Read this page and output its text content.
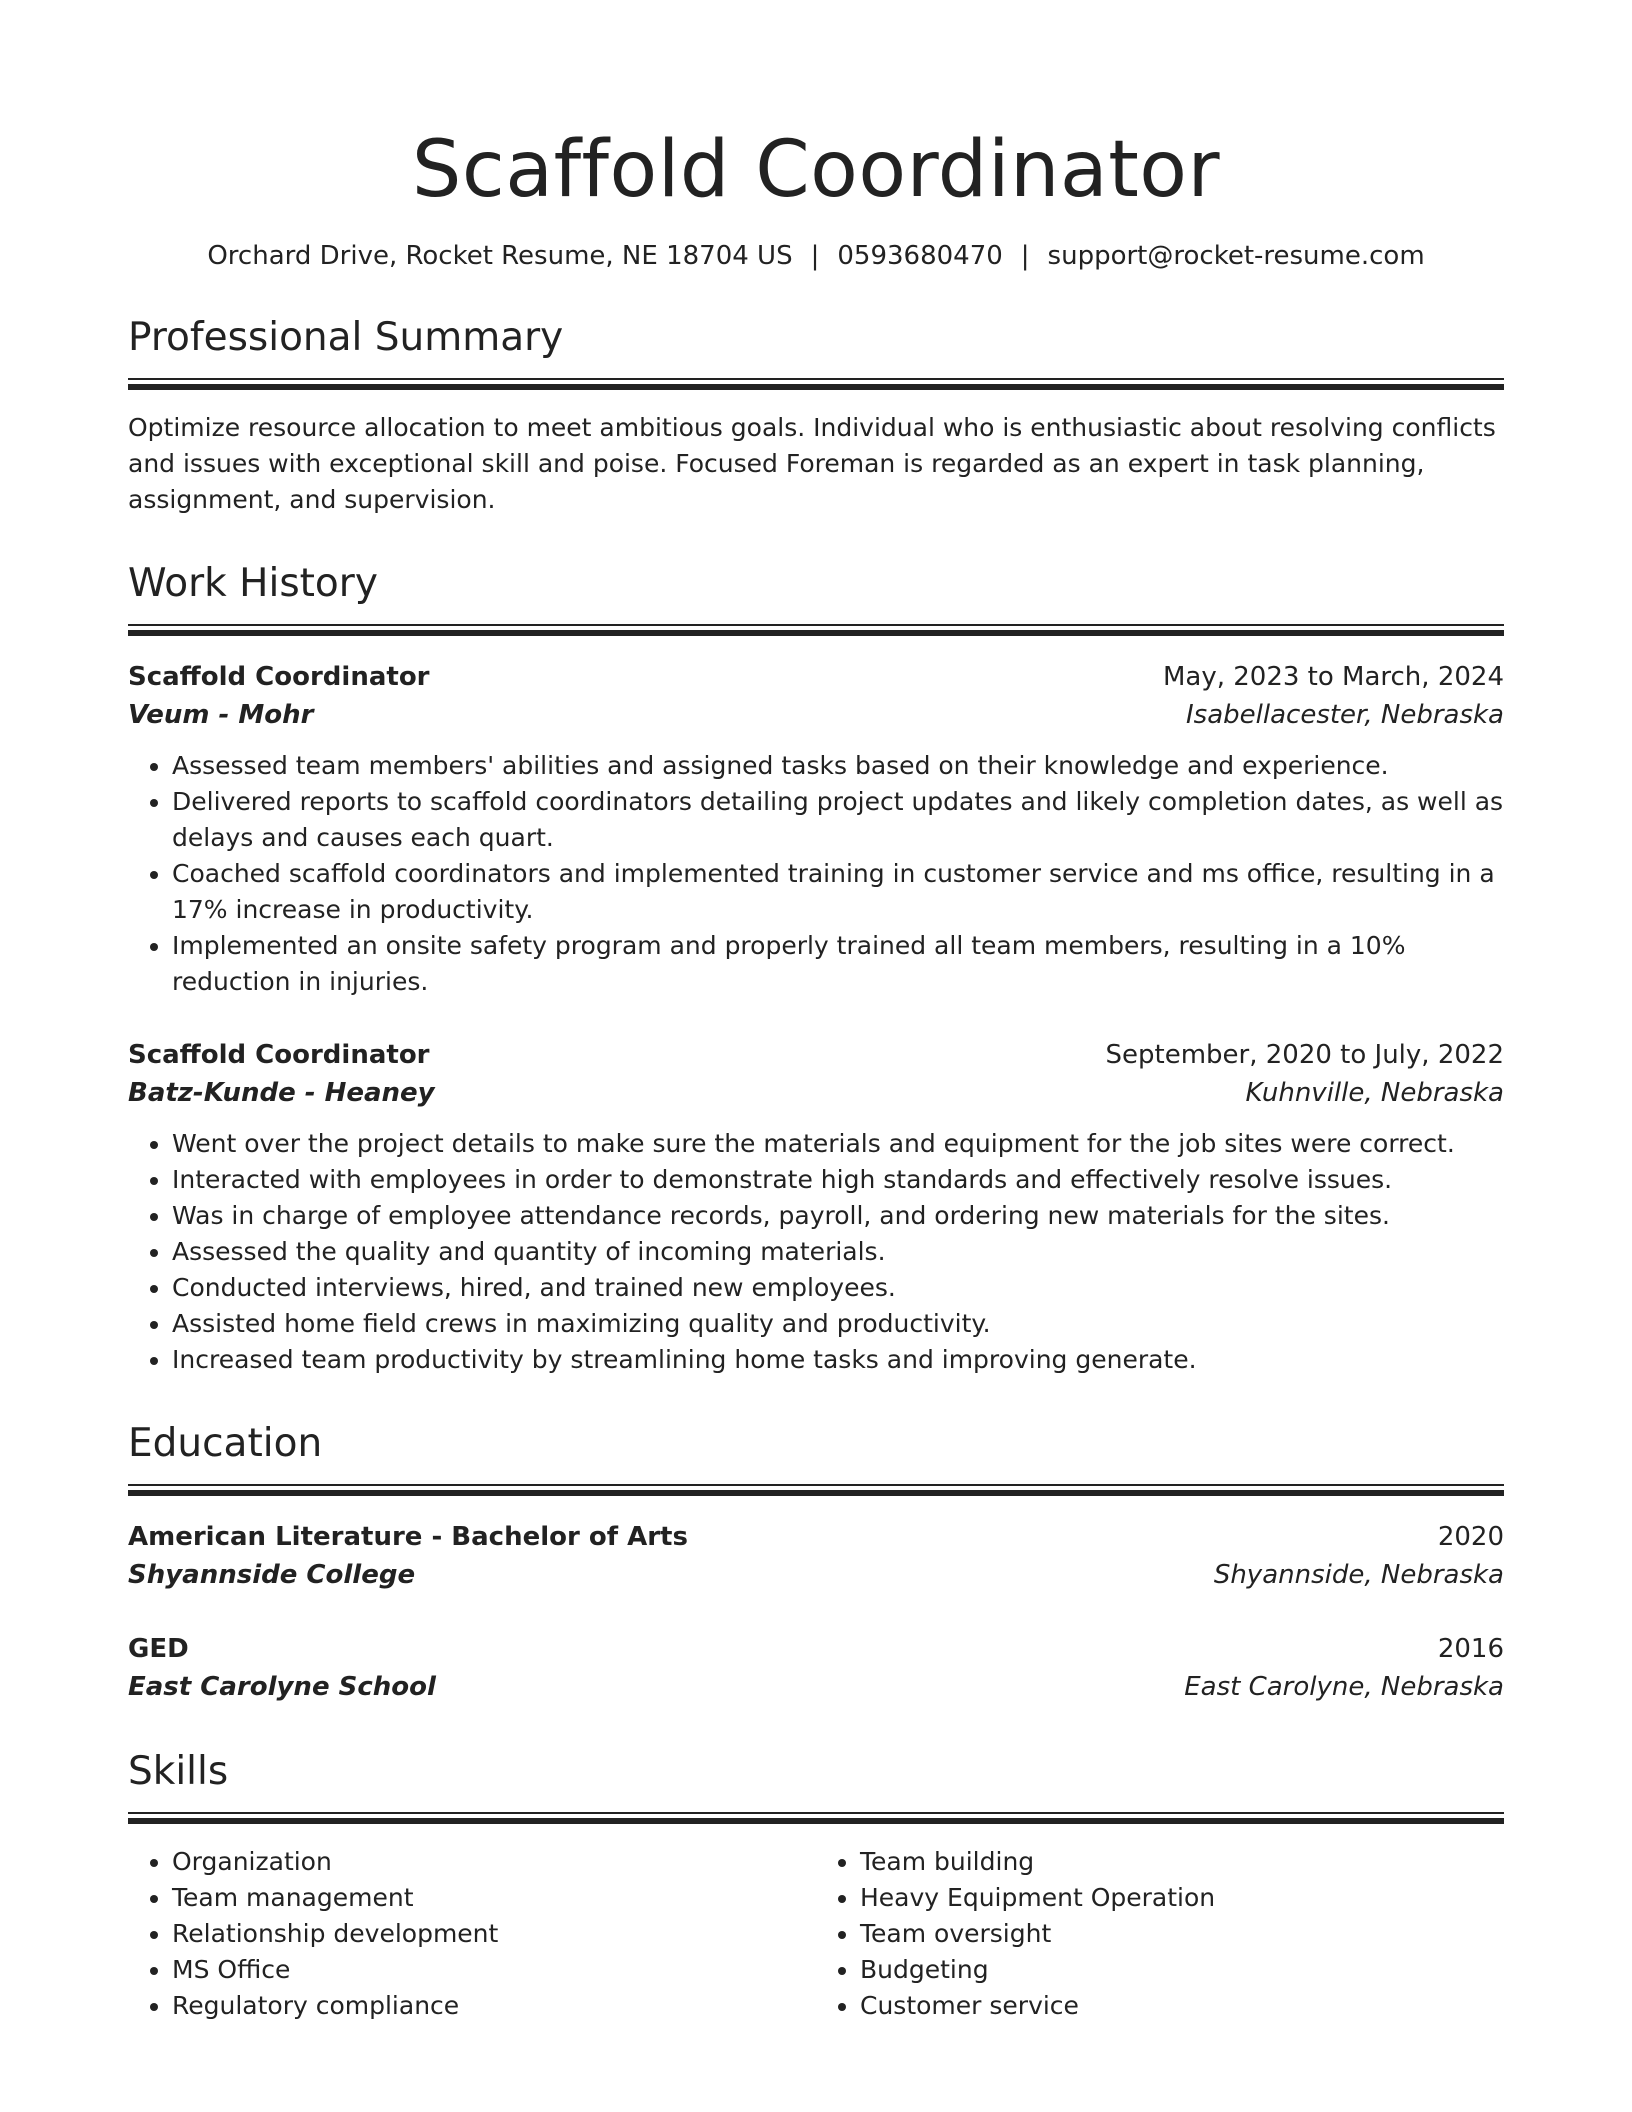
Scaffold Coordinator
Orchard Drive, Rocket Resume, NE 18704 US | 0593680470 | support@rocket-resume.com
Professional Summary
Optimize resource allocation to meet ambitious goals. Individual who is enthusiastic about resolving conflicts and issues with exceptional skill and poise. Focused Foreman is regarded as an expert in task planning, assignment, and supervision.
Work History
Scaffold Coordinator	May, 2023 to March, 2024
Veum - Mohr	Isabellacester, Nebraska
• Assessed team members' abilities and assigned tasks based on their knowledge and experience.
• Delivered reports to scaffold coordinators detailing project updates and likely completion dates, as well as delays and causes each quart.
• Coached scaffold coordinators and implemented training in customer service and ms office, resulting in a 17% increase in productivity.
• Implemented an onsite safety program and properly trained all team members, resulting in a 10% reduction in injuries.
Scaffold Coordinator	September, 2020 to July, 2022
Batz-Kunde - Heaney	Kuhnville, Nebraska
• Went over the project details to make sure the materials and equipment for the job sites were correct.
• Interacted with employees in order to demonstrate high standards and effectively resolve issues.
• Was in charge of employee attendance records, payroll, and ordering new materials for the sites.
• Assessed the quality and quantity of incoming materials.
• Conducted interviews, hired, and trained new employees.
• Assisted home field crews in maximizing quality and productivity.
• Increased team productivity by streamlining home tasks and improving generate.
Education
American Literature - Bachelor of Arts	2020
Shyannside College	Shyannside, Nebraska
GED	2016
East Carolyne School	East Carolyne, Nebraska
Skills
• Organization
• Team management
• Relationship development
• MS Office
• Regulatory compliance
• Team building
• Heavy Equipment Operation
• Team oversight
• Budgeting
• Customer service
